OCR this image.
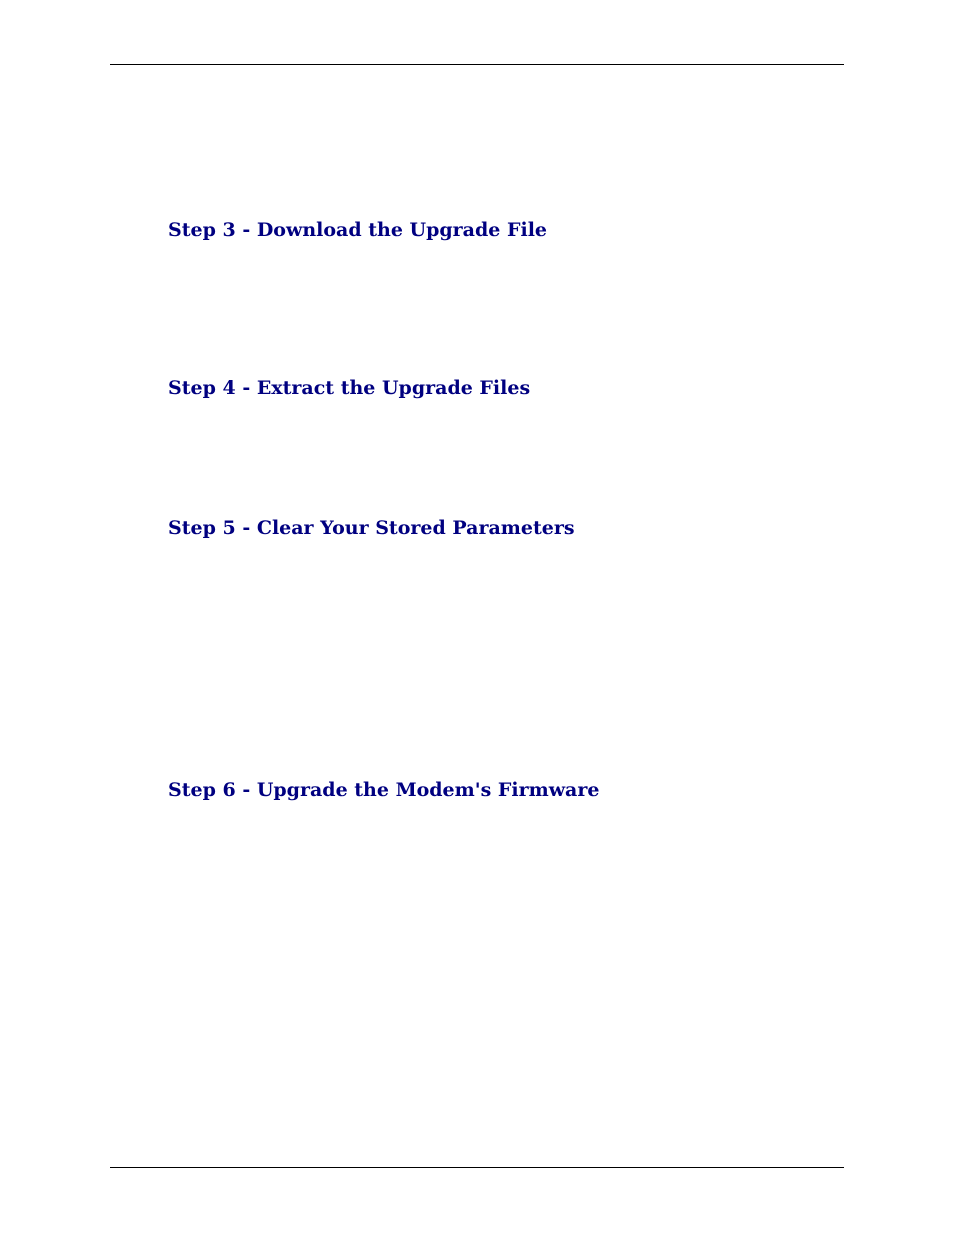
Step 3 - Download the Upgrade File
Step 4 - Extract the Upgrade Files
Step 5 - Clear Your Stored Parameters
Step 6 - Upgrade the Modem's Firmware
